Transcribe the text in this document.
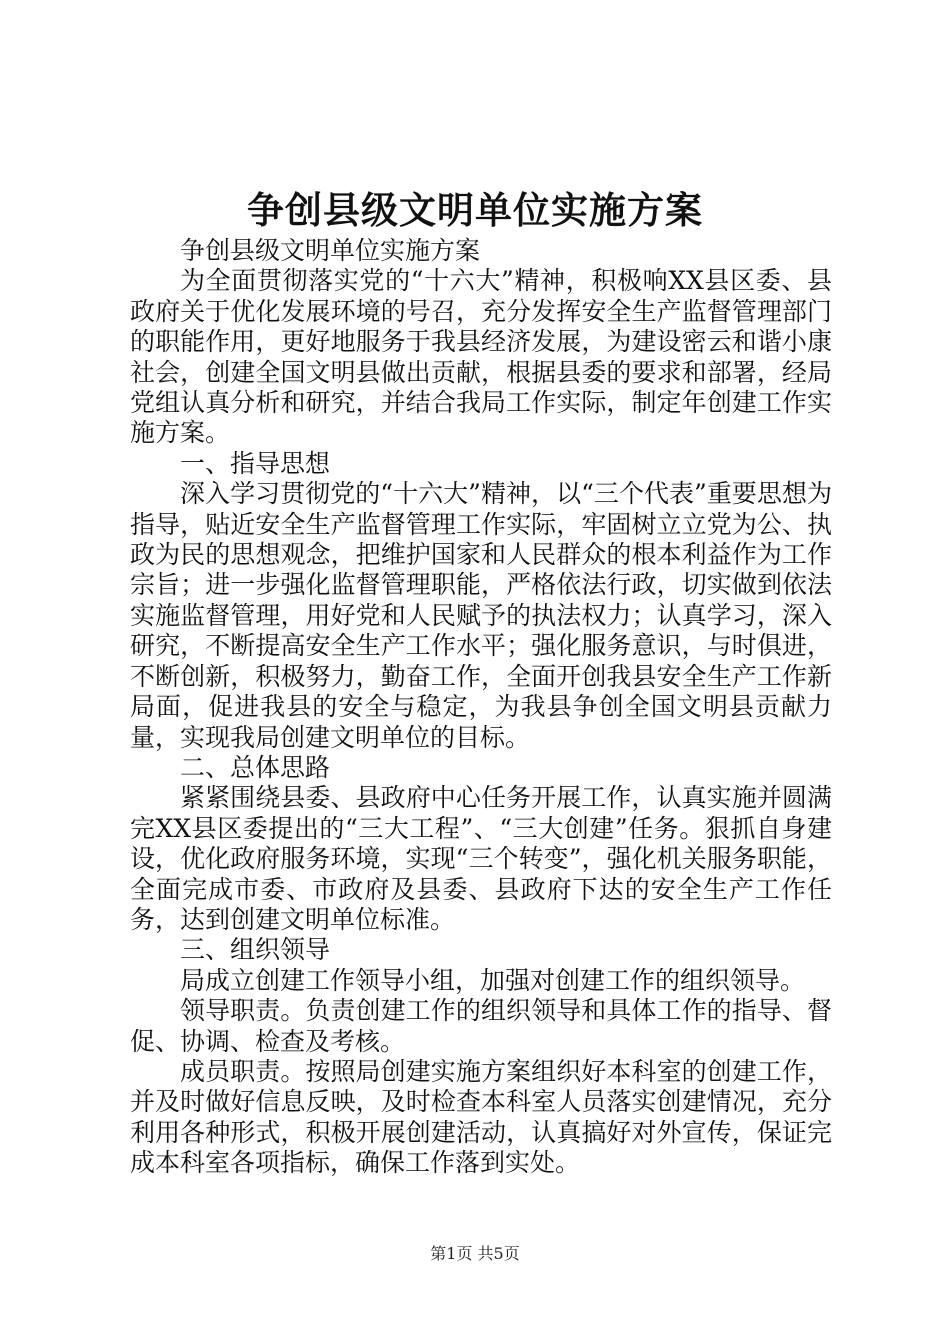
争创县级文明单位实施方案

争创县级文明单位实施方案

为全面贯彻落实党的“十六大”精神，积极响XX县区委、县政府关于优化发展环境的号召，充分发挥安全生产监督管理部门的职能作用，更好地服务于我县经济发展，为建设密云和谐小康社会，创建全国文明县做出贡献，根据县委的要求和部署，经局党组认真分析和研究，并结合我局工作实际，制定年创建工作实施方案。

一、指导思想

深入学习贯彻党的“十六大”精神，以“三个代表”重要思想为指导，贴近安全生产监督管理工作实际，牢固树立立党为公、执政为民的思想观念，把维护国家和人民群众的根本利益作为工作宗旨；进一步强化监督管理职能，严格依法行政，切实做到依法实施监督管理，用好党和人民赋予的执法权力；认真学习，深入研究，不断提高安全生产工作水平；强化服务意识，与时俱进，不断创新，积极努力，勤奋工作，全面开创我县安全生产工作新局面，促进我县的安全与稳定，为我县争创全国文明县贡献力量，实现我局创建文明单位的目标。

二、总体思路

紧紧围绕县委、县政府中心任务开展工作，认真实施并圆满完XX县区委提出的“三大工程”、“三大创建”任务。狠抓自身建设，优化政府服务环境，实现“三个转变”，强化机关服务职能，全面完成市委、市政府及县委、县政府下达的安全生产工作任务，达到创建文明单位标准。

三、组织领导

局成立创建工作领导小组，加强对创建工作的组织领导。

领导职责。负责创建工作的组织领导和具体工作的指导、督促、协调、检查及考核。

成员职责。按照局创建实施方案组织好本科室的创建工作，并及时做好信息反映，及时检查本科室人员落实创建情况，充分利用各种形式，积极开展创建活动，认真搞好对外宣传，保证完成本科室各项指标，确保工作落到实处。

第1页 共5页
